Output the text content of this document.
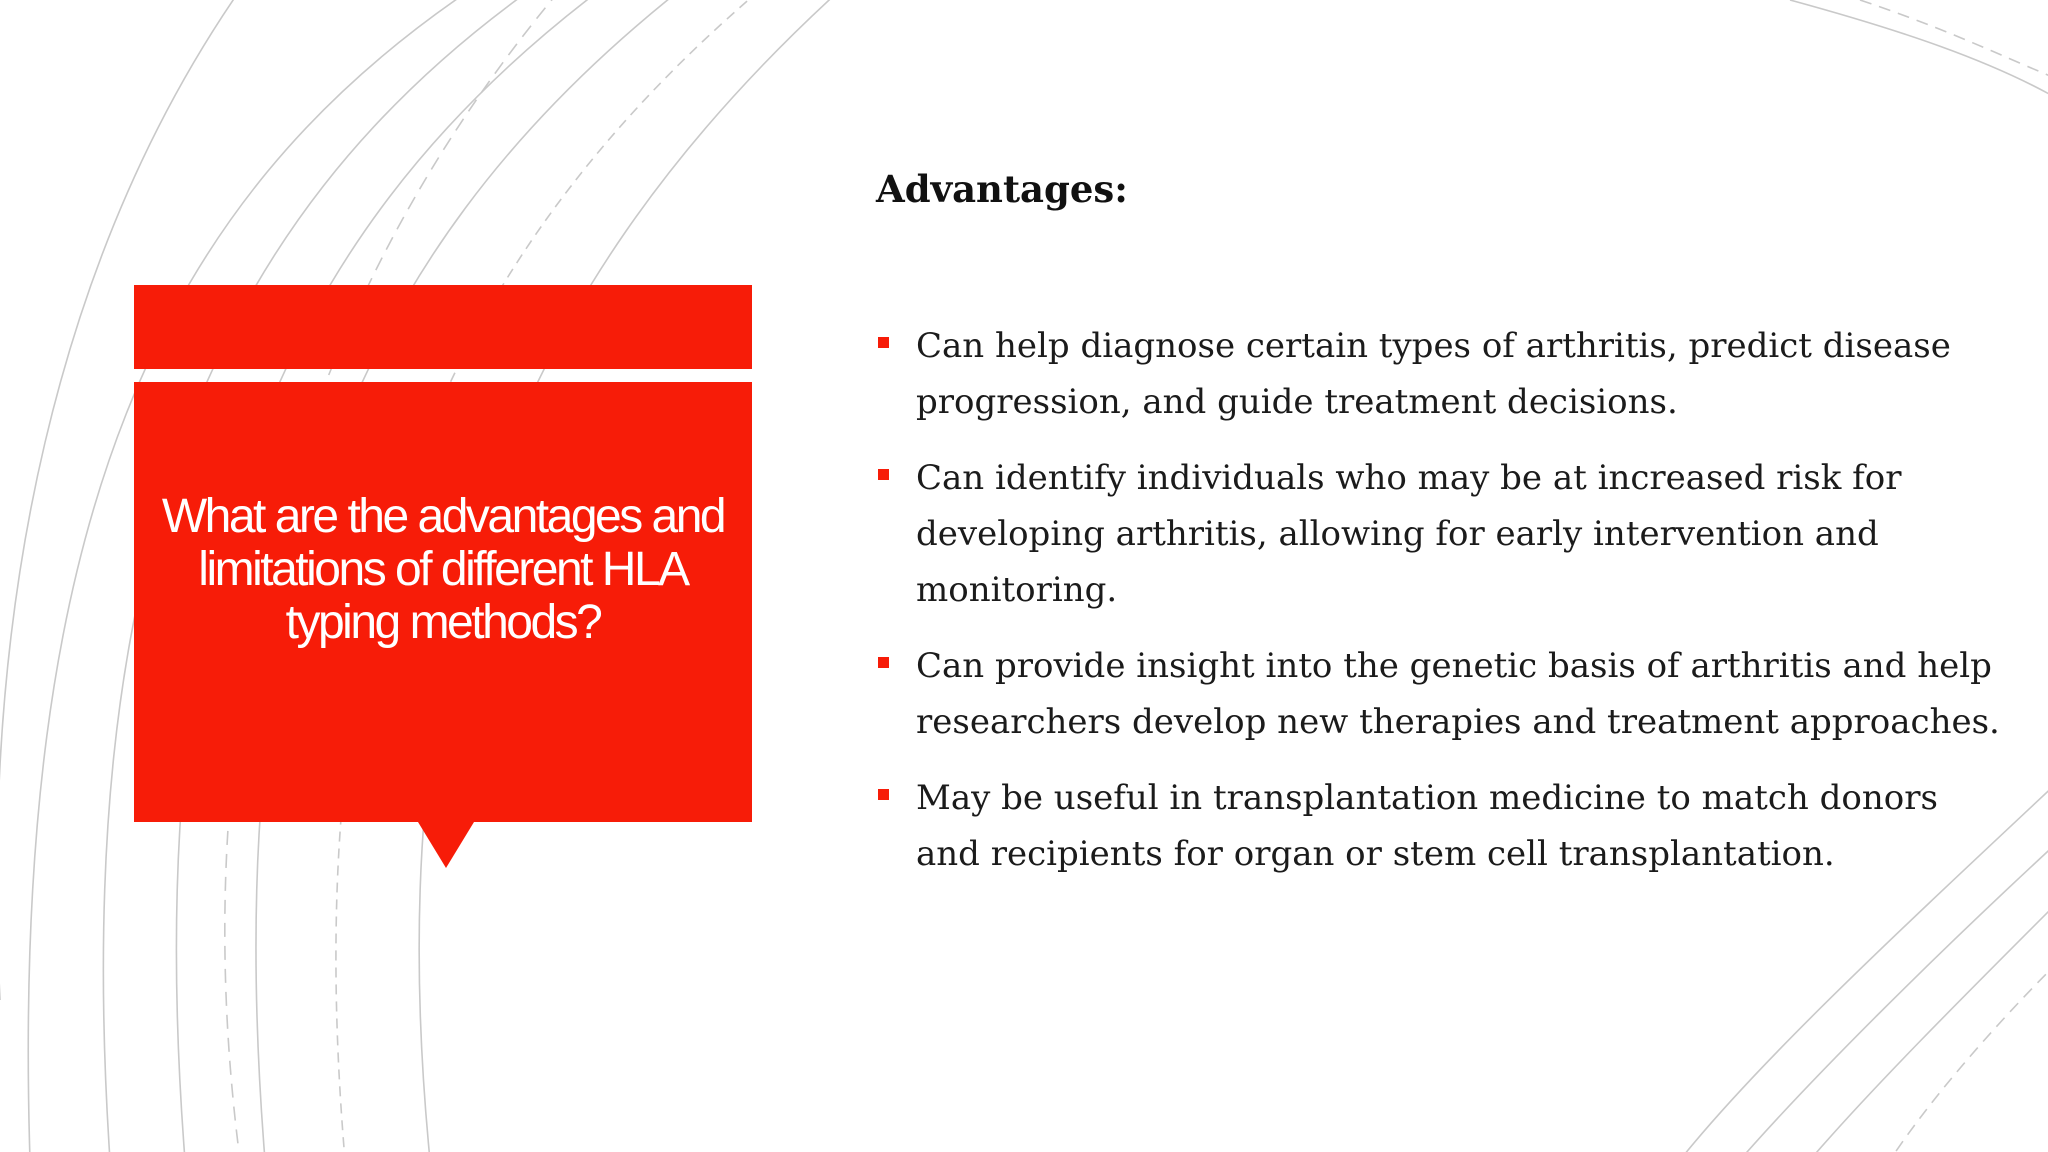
What are the advantages and limitations of different HLA typing methods?
Advantages:
Can help diagnose certain types of arthritis, predict disease progression, and guide treatment decisions.
Can identify individuals who may be at increased risk for developing arthritis, allowing for early intervention and monitoring.
Can provide insight into the genetic basis of arthritis and help researchers develop new therapies and treatment approaches.
May be useful in transplantation medicine to match donors and recipients for organ or stem cell transplantation.
